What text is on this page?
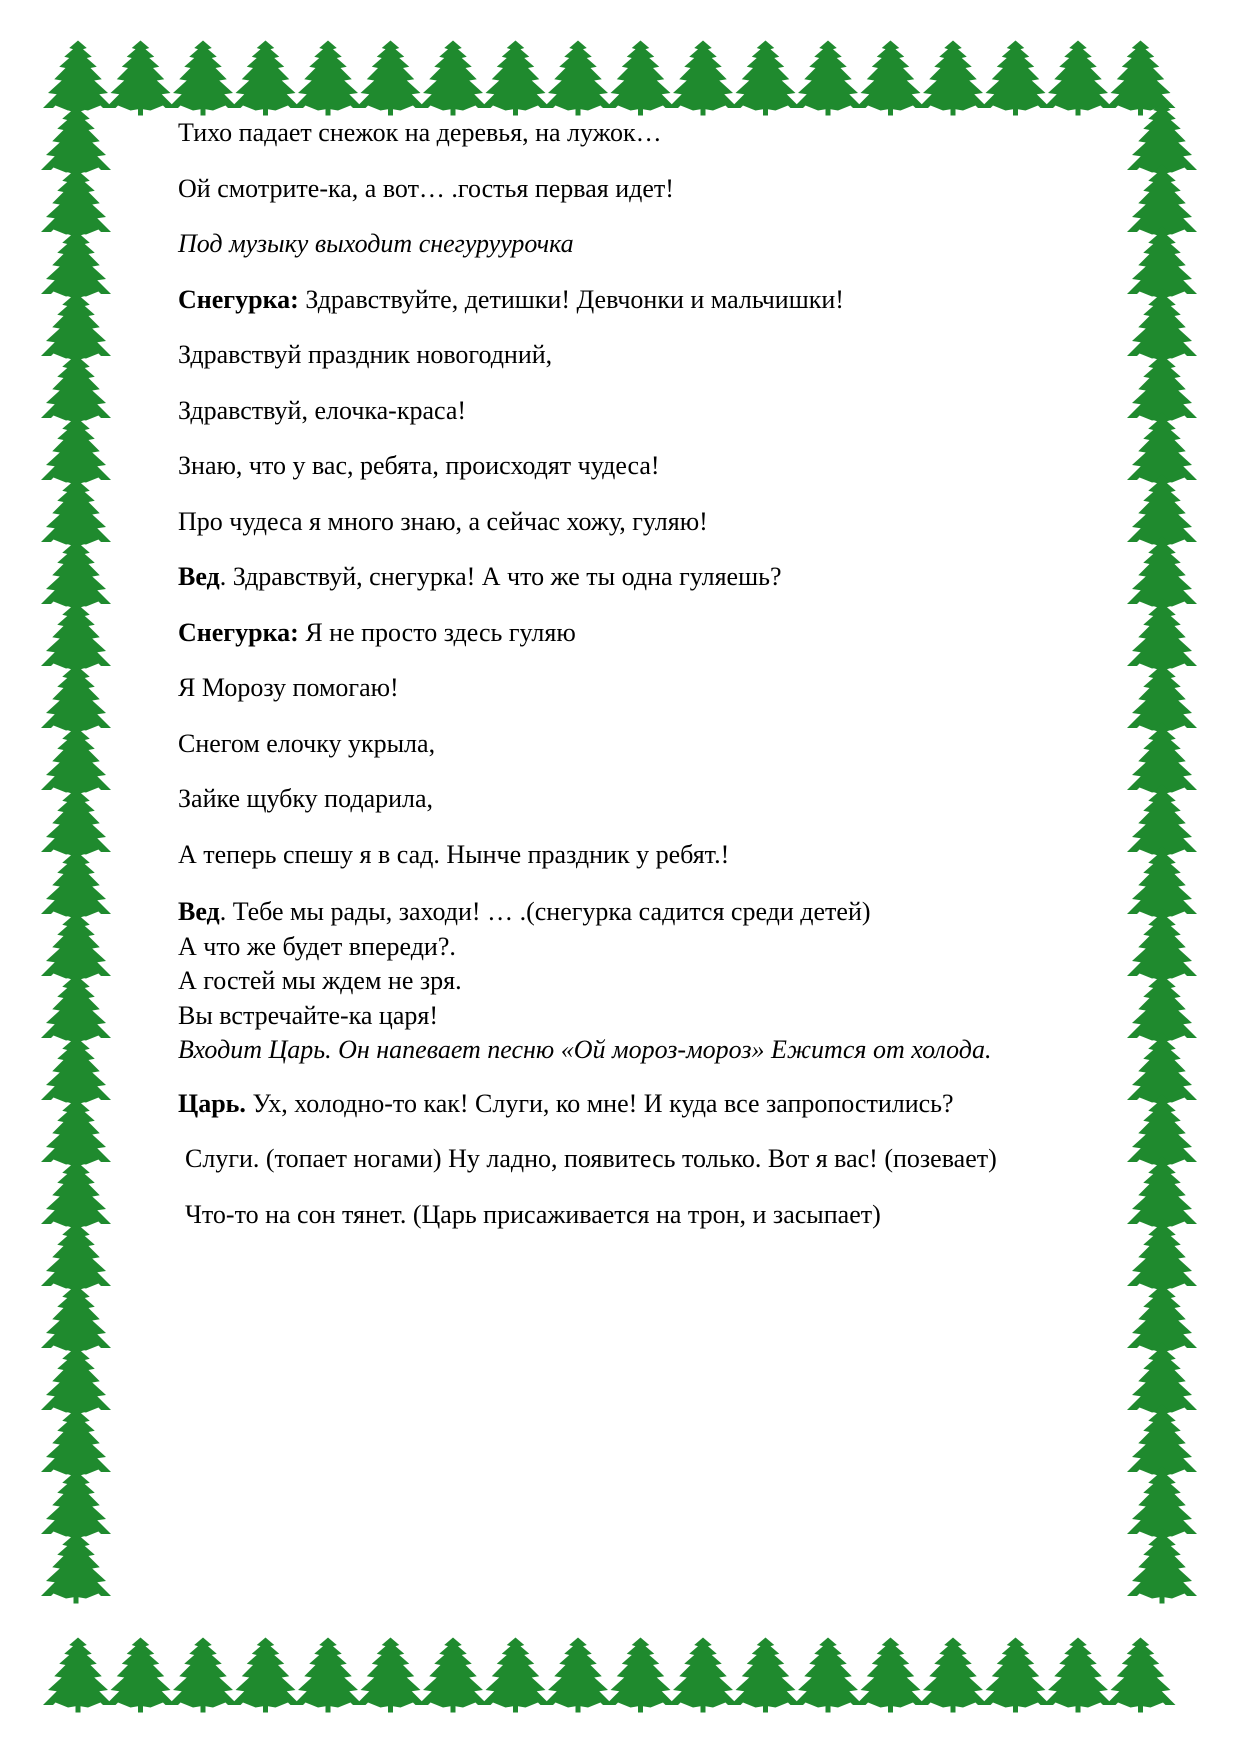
Тихо падает снежок на деревья, на лужок…
Ой смотрите-ка, а вот… .гостья первая идет!
Под музыку выходит снегуруурочка
Снегурка: Здравствуйте, детишки! Девчонки и мальчишки!
Здравствуй праздник новогодний,
Здравствуй, елочка-краса!
Знаю, что у вас, ребята, происходят чудеса!
Про чудеса я много знаю, а сейчас хожу, гуляю!
Вед. Здравствуй, снегурка! А что же ты одна гуляешь?
Снегурка: Я не просто здесь гуляю
Я Морозу помогаю!
Снегом елочку укрыла,
Зайке щубку подарила,
А теперь спешу я в сад. Нынче праздник у ребят.!
Вед. Тебе мы рады, заходи! … .(снегурка садится среди детей)
А что же будет впереди?.
А гостей мы ждем не зря.
Вы встречайте-ка царя!
Входит Царь. Он напевает песню «Ой мороз-мороз» Ежится от холода.
Царь. Ух, холодно-то как! Слуги, ко мне! И куда все запропостились?
Слуги. (топает ногами) Ну ладно, появитесь только. Вот я вас! (позевает)
Что-то на сон тянет. (Царь присаживается на трон, и засыпает)
